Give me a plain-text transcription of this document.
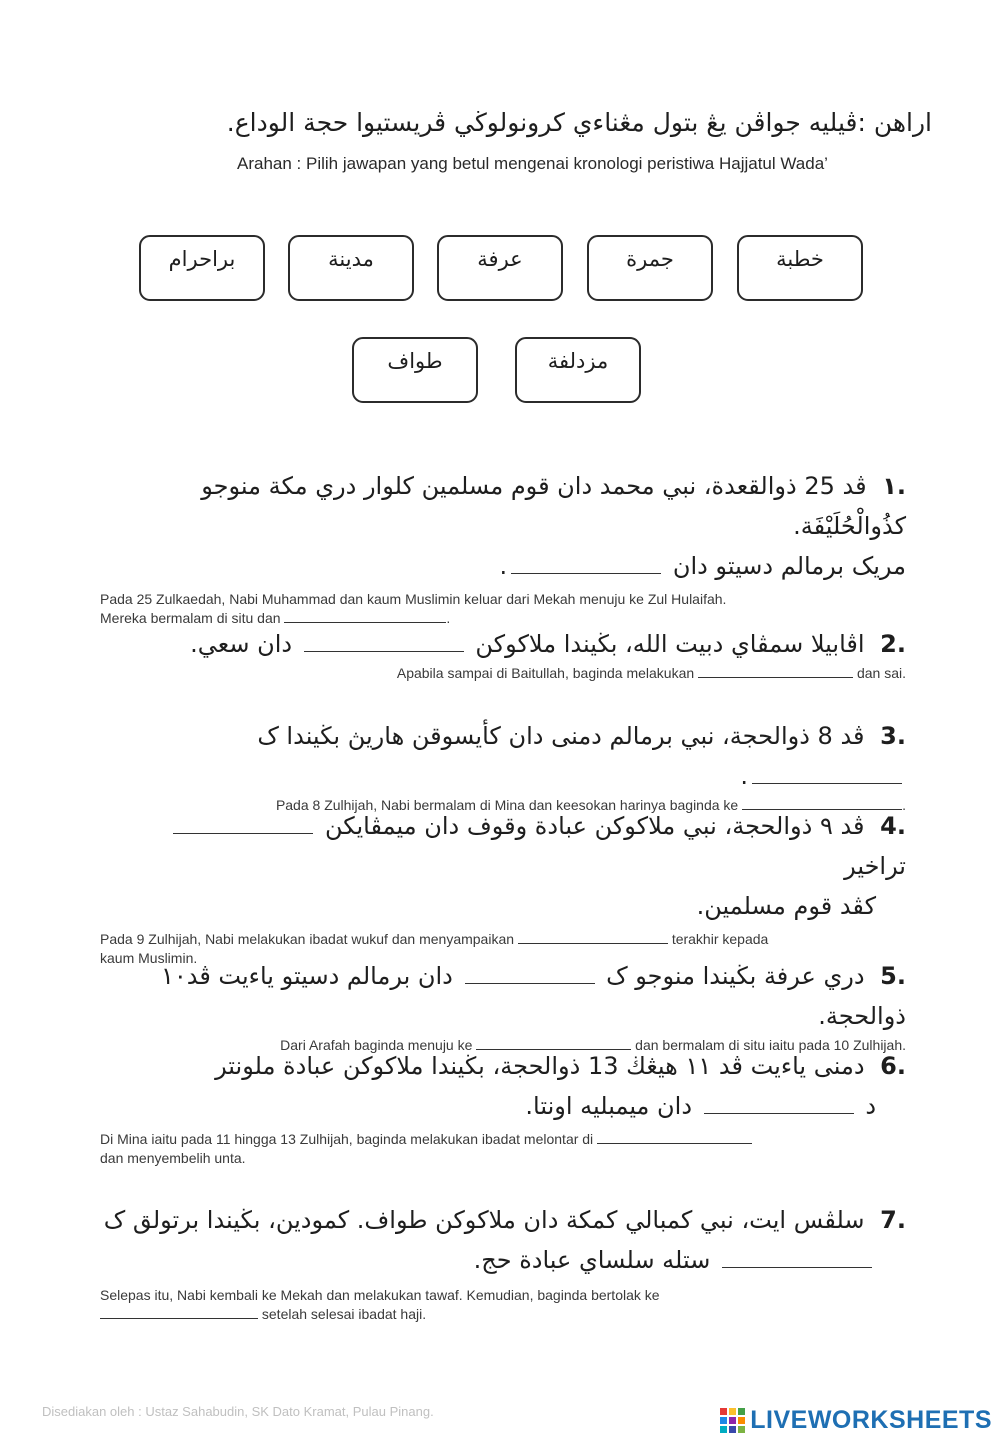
اراهن :ڤيليه جواڤن يڠ بتول مڠناءي كرونولوڬي ڤريستيوا حجة الوداع.
Arahan : Pilih jawapan yang betul mengenai kronologi peristiwa Hajjatul Wada’
خطبة
جمرة
عرفة
مدينة
براحرام
مزدلفة
طواف
.١ ڤد 25 ذوالقعدة، نبي محمد دان قوم مسلمين كلوار دري مكة منوجو كذُوالْحُلَيْفَة.
مريک برمالم دسيتو دان .
Pada 25 Zulkaedah, Nabi Muhammad dan kaum Muslimin keluar dari Mekah menuju ke Zul Hulaifah.
Mereka bermalam di situ dan	.
.2 اڤابيلا سمڤاي دبيت الله، بڬيندا ملاكوكن  دان سعي.
Apabila sampai di Baitullah, baginda melakukan	dan sai.
.3 ڤد 8 ذوالحجة، نبي برمالم دمنى دان كأيسوقن هاريڽ بڬيندا ک .
Pada 8 Zulhijah, Nabi bermalam di Mina dan keesokan harinya baginda ke	.
.4 ڤد ٩ ذوالحجة، نبي ملاكوكن عبادة وقوف دان ميمڤايكن  تراخير
كڤد قوم مسلمين.
Pada 9 Zulhijah, Nabi melakukan ibadat wukuf dan menyampaikan	terakhir kepada
kaum Muslimin.
.5 دري عرفة بڬيندا منوجو ک  دان برمالم دسيتو ياءيت ڤد١٠ ذوالحجة.
Dari Arafah baginda menuju ke	dan bermalam di situ iaitu pada 10 Zulhijah.
.6 دمنى ياءيت ڤد ١١ هيڠڬ 13 ذوالحجة، بڬيندا ملاكوكن عبادة ملونتر
د  دان ميمبليه اونتا.
Di Mina iaitu pada 11 hingga 13 Zulhijah, baginda melakukan ibadat melontar di
dan menyembelih unta.
.7 سلڤس ايت، نبي كمبالي كمكة دان ملاكوكن طواف. كمودين، بڬيندا برتولق ک
ستله سلساي عبادة حج.
Selepas itu, Nabi kembali ke Mekah dan melakukan tawaf. Kemudian, baginda bertolak ke
setelah selesai ibadat haji.
Disediakan oleh : Ustaz Sahabudin, SK Dato Kramat, Pulau Pinang.	LIVEWORKSHEETS
